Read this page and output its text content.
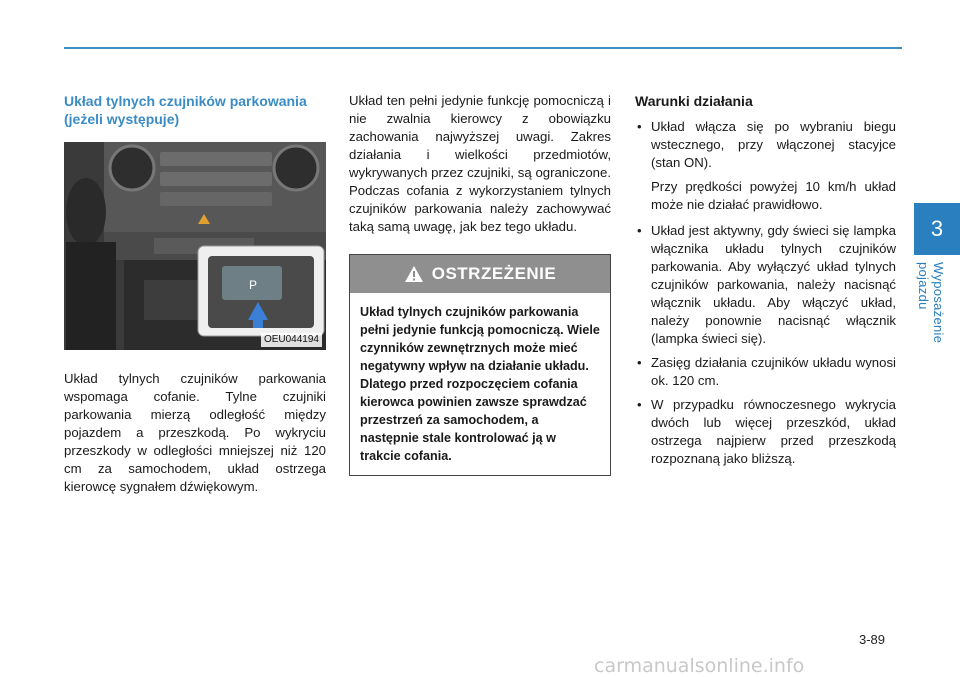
3
Wyposażenie pojazdu
Układ tylnych czujników parkowania (jeżeli występuje)
P
OEU044194

Układ tylnych czujników parkowania wspomaga cofanie. Tylne czujniki parkowania mierzą odległość między pojazdem a przeszkodą. Po wykryciu przeszkody w odległości mniejszej niż 120 cm za samochodem, układ ostrzega kierowcę sygnałem dźwiękowym.

Układ ten pełni jedynie funkcję pomocniczą i nie zwalnia kierowcy z obowiązku zachowania najwyższej uwagi. Zakres działania i wielkości przedmiotów, wykrywanych przez czujniki, są ograniczone. Podczas cofania z wykorzystaniem tylnych czujników parkowania należy zachowywać taką samą uwagę, jak bez tego układu.

OSTRZEŻENIE
Układ tylnych czujników parkowania pełni jedynie funkcją pomocniczą. Wiele czynników zewnętrznych może mieć negatywny wpływ na działanie układu. Dlatego przed rozpoczęciem cofania kierowca powinien zawsze sprawdzać przestrzeń za samochodem, a następnie stale kontrolować ją w trakcie cofania.
Warunki działania
• Układ włącza się po wybraniu biegu wstecznego, przy włączonej stacyjce (stan ON).

Przy prędkości powyżej 10 km/h układ może nie działać prawidłowo.

• Układ jest aktywny, gdy świeci się lampka włącznika układu tylnych czujników parkowania. Aby wyłączyć układ tylnych czujników parkowania, należy nacisnąć włącznik układu. Aby włączyć układ, należy ponownie nacisnąć włącznik (lampka świeci się).
• Zasięg działania czujników układu wynosi ok. 120 cm.
• W przypadku równoczesnego wykrycia dwóch lub więcej przeszkód, układ ostrzega najpierw przed przeszkodą rozpoznaną jako bliższą.
3-89
carmanualsonline.info
